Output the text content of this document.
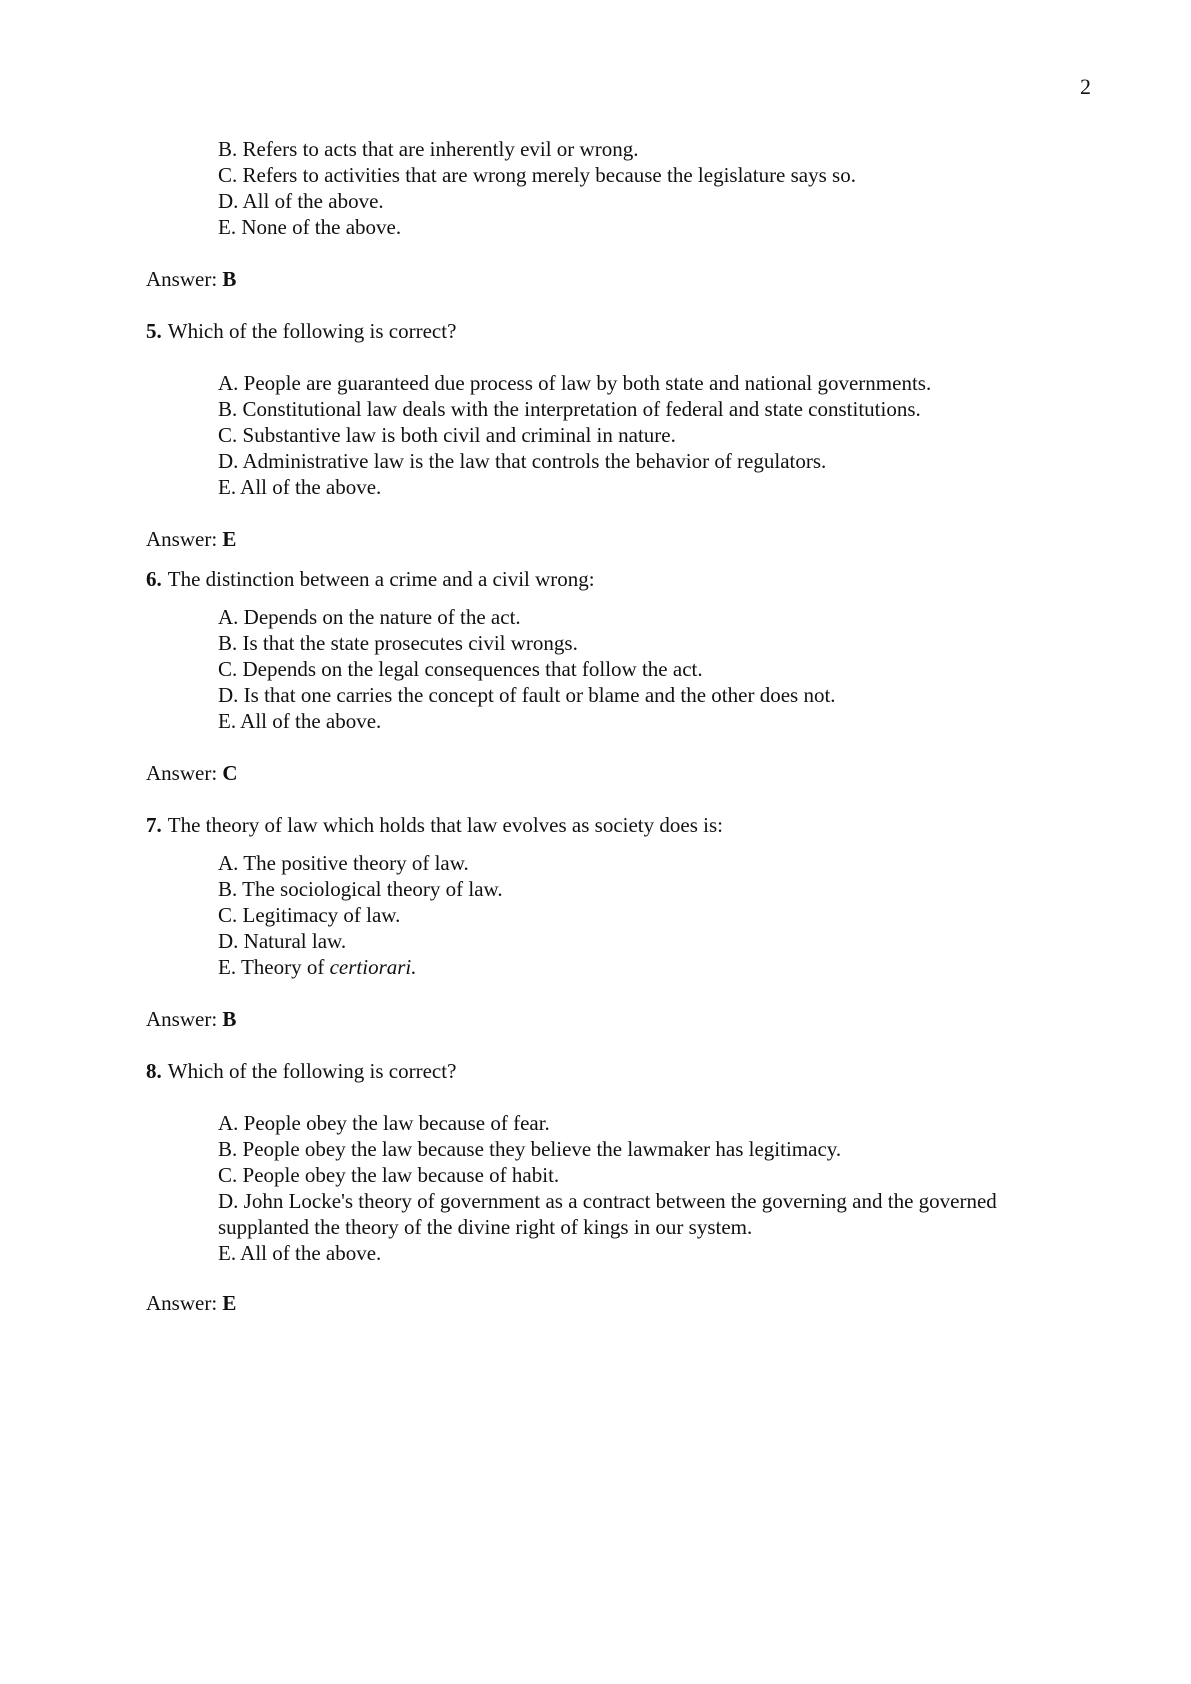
2
B. Refers to acts that are inherently evil or wrong.
C. Refers to activities that are wrong merely because the legislature says so.
D. All of the above.
E. None of the above.
Answer: B
5. Which of the following is correct?
A. People are guaranteed due process of law by both state and national governments.
B. Constitutional law deals with the interpretation of federal and state constitutions.
C. Substantive law is both civil and criminal in nature.
D. Administrative law is the law that controls the behavior of regulators.
E. All of the above.
Answer: E
6. The distinction between a crime and a civil wrong:
A. Depends on the nature of the act.
B. Is that the state prosecutes civil wrongs.
C. Depends on the legal consequences that follow the act.
D. Is that one carries the concept of fault or blame and the other does not.
E. All of the above.
Answer: C
7. The theory of law which holds that law evolves as society does is:
A. The positive theory of law.
B. The sociological theory of law.
C. Legitimacy of law.
D. Natural law.
E. Theory of certiorari.
Answer: B
8. Which of the following is correct?
A. People obey the law because of fear.
B. People obey the law because they believe the lawmaker has legitimacy.
C. People obey the law because of habit.
D. John Locke's theory of government as a contract between the governing and the governed
supplanted the theory of the divine right of kings in our system.
E. All of the above.
Answer: E
